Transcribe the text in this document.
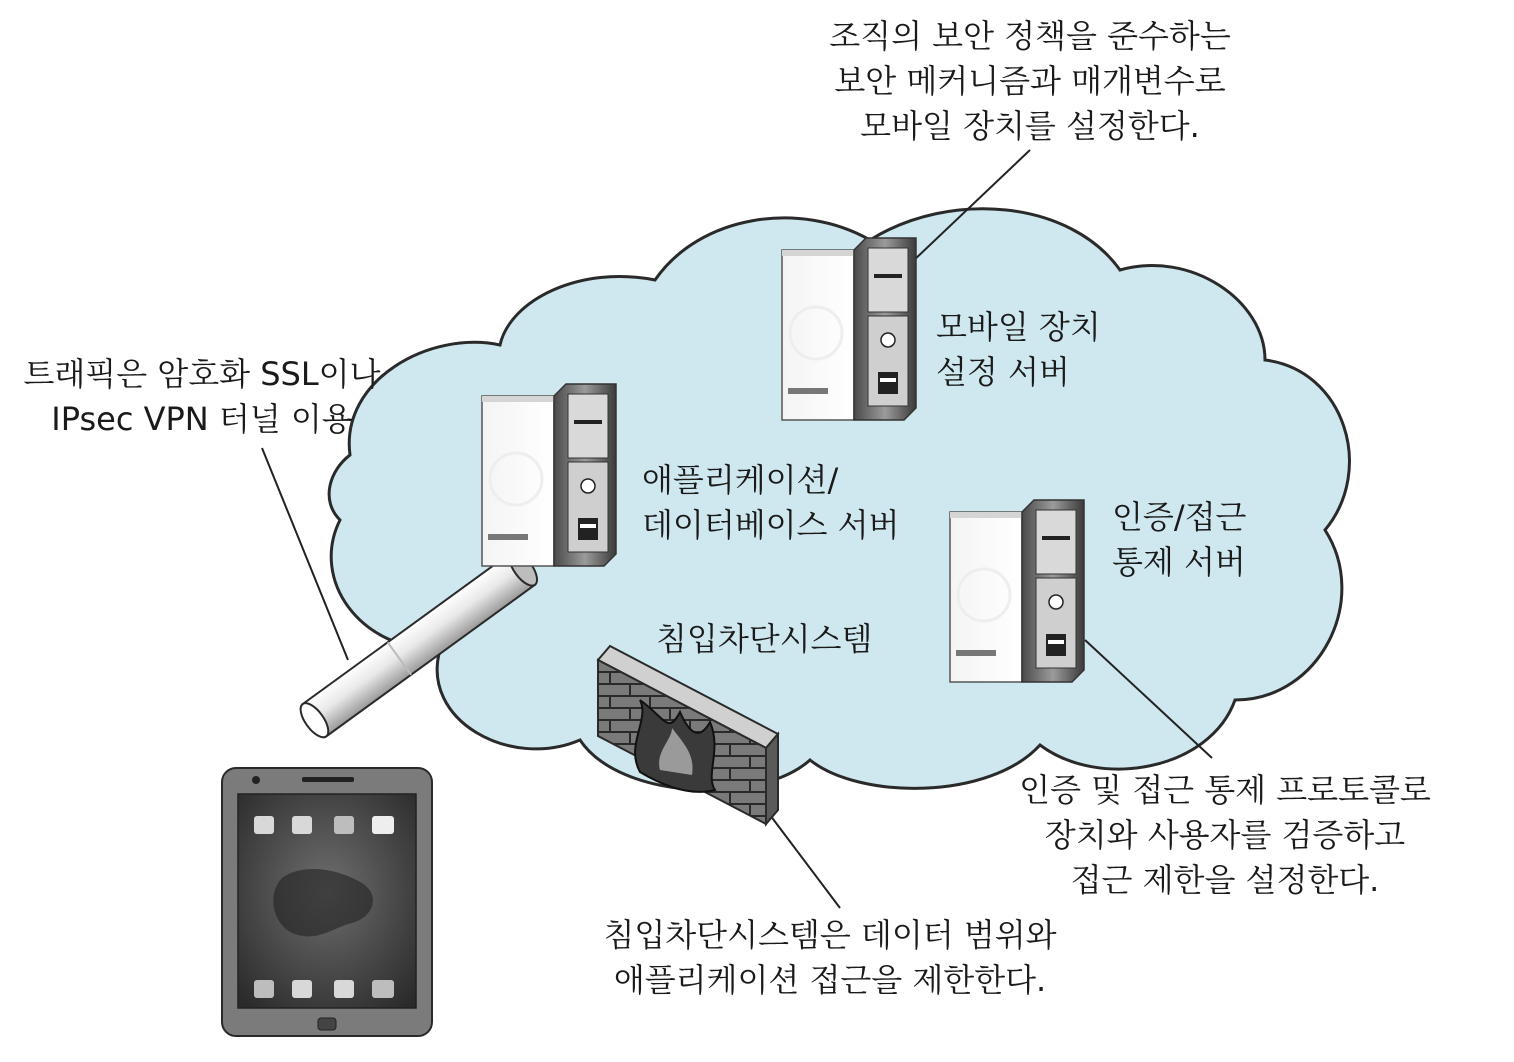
조직의 보안 정책을 준수하는
보안 메커니즘과 매개변수로
모바일 장치를 설정한다.
트래픽은 암호화 SSL이나
IPsec VPN 터널 이용
모바일 장치
설정 서버
애플리케이션/
데이터베이스 서버	인증/접근
통제 서버
침입차단시스템
인증 및 접근 통제 프로토콜로
장치와 사용자를 검증하고
접근 제한을 설정한다.
침입차단시스템은 데이터 범위와
애플리케이션 접근을 제한한다.
